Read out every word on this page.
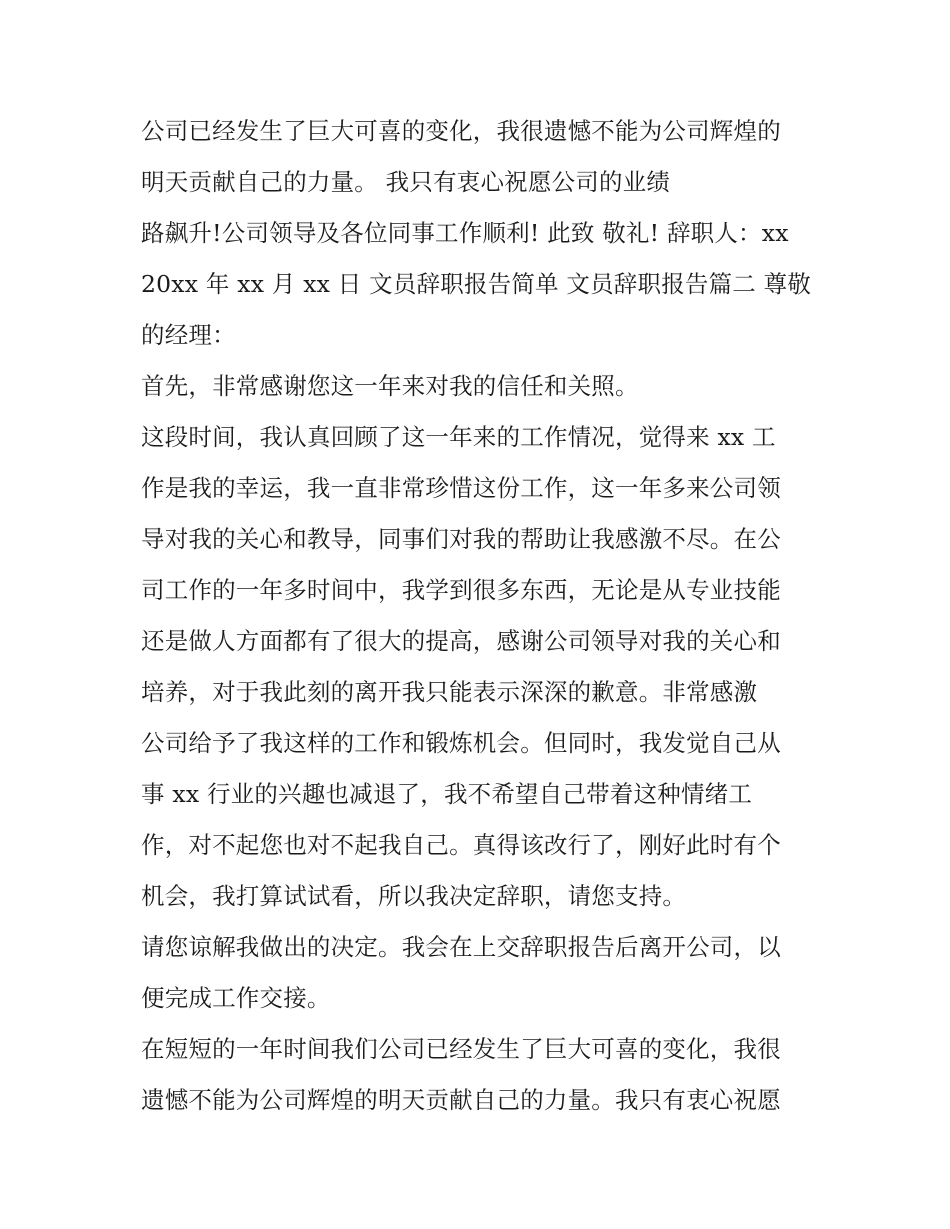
公司已经发生了巨大可喜的变化，我很遗憾不能为公司辉煌的
明天贡献自己的力量。 我只有衷心祝愿公司的业绩
路飙升!公司领导及各位同事工作顺利! 此致 敬礼! 辞职人：xx
20xx 年 xx 月 xx 日 文员辞职报告简单 文员辞职报告篇二 尊敬
的经理：
首先，非常感谢您这一年来对我的信任和关照。
这段时间，我认真回顾了这一年来的工作情况，觉得来 xx 工
作是我的幸运，我一直非常珍惜这份工作，这一年多来公司领
导对我的关心和教导，同事们对我的帮助让我感激不尽。在公
司工作的一年多时间中，我学到很多东西，无论是从专业技能
还是做人方面都有了很大的提高，感谢公司领导对我的关心和
培养，对于我此刻的离开我只能表示深深的歉意。非常感激
公司给予了我这样的工作和锻炼机会。但同时，我发觉自己从
事 xx 行业的兴趣也减退了，我不希望自己带着这种情绪工
作，对不起您也对不起我自己。真得该改行了，刚好此时有个
机会，我打算试试看，所以我决定辞职，请您支持。
请您谅解我做出的决定。我会在上交辞职报告后离开公司，以
便完成工作交接。
在短短的一年时间我们公司已经发生了巨大可喜的变化，我很
遗憾不能为公司辉煌的明天贡献自己的力量。我只有衷心祝愿
